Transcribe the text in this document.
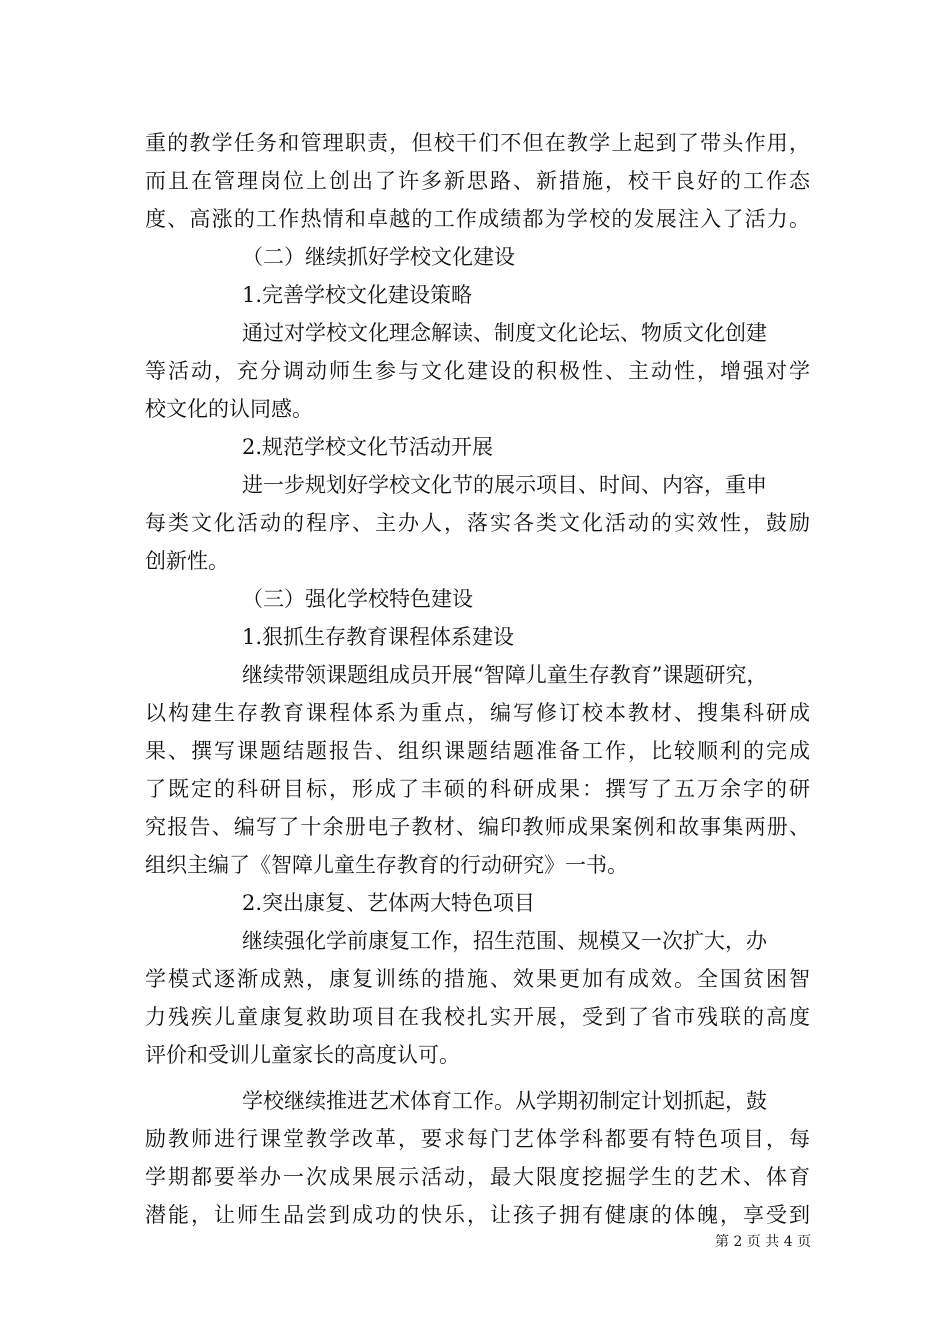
重的教学任务和管理职责，但校干们不但在教学上起到了带头作用，
而且在管理岗位上创出了许多新思路、新措施，校干良好的工作态
度、高涨的工作热情和卓越的工作成绩都为学校的发展注入了活力。
（二）继续抓好学校文化建设
1.完善学校文化建设策略
通过对学校文化理念解读、制度文化论坛、物质文化创建
等活动，充分调动师生参与文化建设的积极性、主动性，增强对学
校文化的认同感。
2.规范学校文化节活动开展
进一步规划好学校文化节的展示项目、时间、内容，重申
每类文化活动的程序、主办人，落实各类文化活动的实效性，鼓励
创新性。
（三）强化学校特色建设
1.狠抓生存教育课程体系建设
继续带领课题组成员开展“智障儿童生存教育”课题研究，
以构建生存教育课程体系为重点，编写修订校本教材、搜集科研成
果、撰写课题结题报告、组织课题结题准备工作，比较顺利的完成
了既定的科研目标，形成了丰硕的科研成果：撰写了五万余字的研
究报告、编写了十余册电子教材、编印教师成果案例和故事集两册、
组织主编了《智障儿童生存教育的行动研究》一书。
2.突出康复、艺体两大特色项目
继续强化学前康复工作，招生范围、规模又一次扩大，办
学模式逐渐成熟，康复训练的措施、效果更加有成效。全国贫困智
力残疾儿童康复救助项目在我校扎实开展，受到了省市残联的高度
评价和受训儿童家长的高度认可。
学校继续推进艺术体育工作。从学期初制定计划抓起，鼓
励教师进行课堂教学改革，要求每门艺体学科都要有特色项目，每
学期都要举办一次成果展示活动，最大限度挖掘学生的艺术、体育
潜能，让师生品尝到成功的快乐，让孩子拥有健康的体魄，享受到
第 2 页 共 4 页
